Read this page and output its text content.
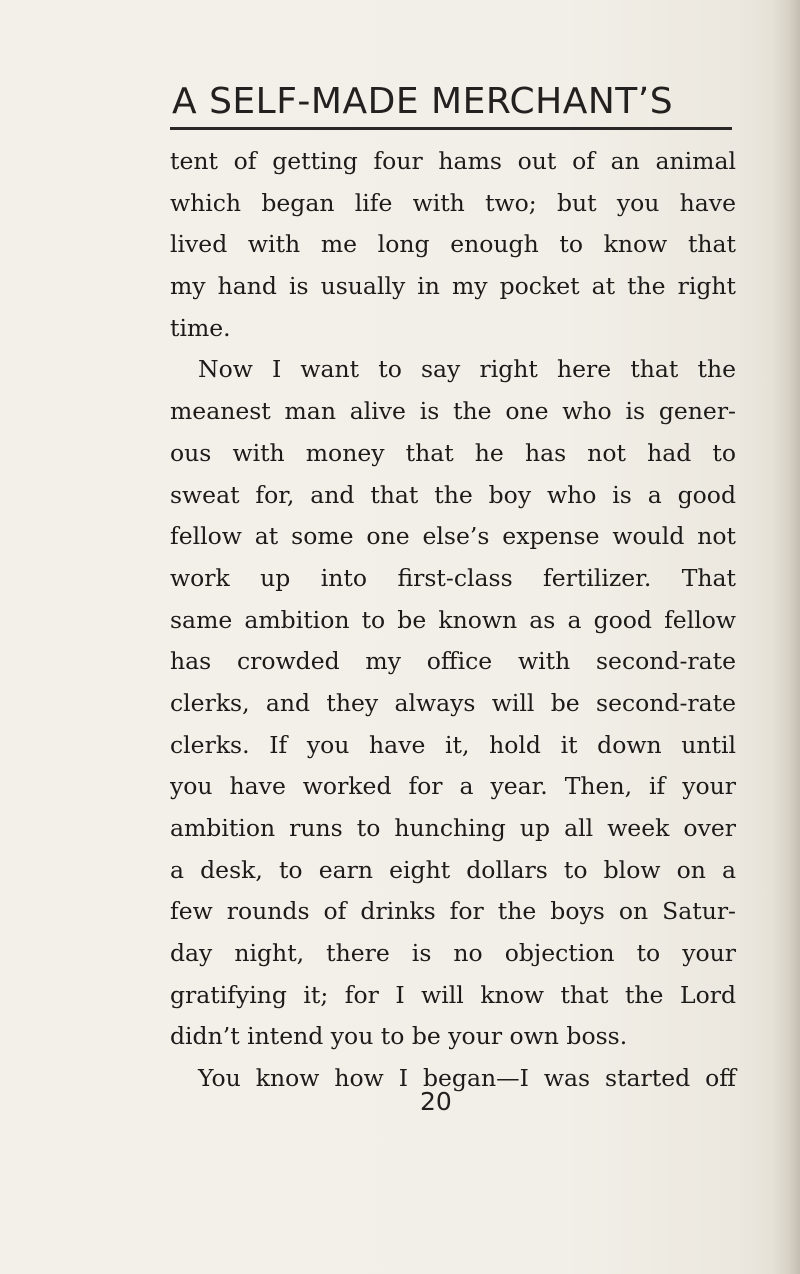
A SELF-MADE MERCHANT’S
tent of getting four hams out of an animal
which began life with two; but you have
lived with me long enough to know that
my hand is usually in my pocket at the right
time.
Now I want to say right here that the
meanest man alive is the one who is gener-
ous with money that he has not had to
sweat for, and that the boy who is a good
fellow at some one else’s expense would not
work up into first-class fertilizer. That
same ambition to be known as a good fellow
has crowded my office with second-rate
clerks, and they always will be second-rate
clerks. If you have it, hold it down until
you have worked for a year. Then, if your
ambition runs to hunching up all week over
a desk, to earn eight dollars to blow on a
few rounds of drinks for the boys on Satur-
day night, there is no objection to your
gratifying it; for I will know that the Lord
didn’t intend you to be your own boss.
You know how I began—I was started off
20
